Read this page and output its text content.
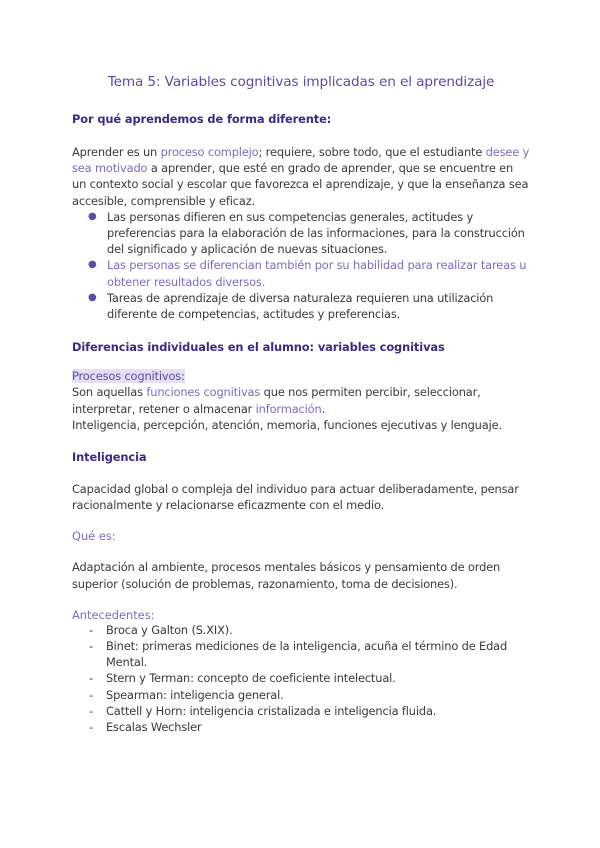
Tema 5: Variables cognitivas implicadas en el aprendizaje
Por qué aprendemos de forma diferente:

Aprender es un proceso complejo; requiere, sobre todo, que el estudiante desee y sea motivado a aprender, que esté en grado de aprender, que se encuentre en un contexto social y escolar que favorezca el aprendizaje, y que la enseñanza sea accesible, comprensible y eficaz.

● Las personas difieren en sus competencias generales, actitudes y preferencias para la elaboración de las informaciones, para la construcción del significado y aplicación de nuevas situaciones.
● Las personas se diferencian también por su habilidad para realizar tareas u obtener resultados diversos.
● Tareas de aprendizaje de diversa naturaleza requieren una utilización diferente de competencias, actitudes y preferencias.
Diferencias individuales en el alumno: variables cognitivas

Procesos cognitivos:

Son aquellas funciones cognitivas que nos permiten percibir, seleccionar, interpretar, retener o almacenar información.

Inteligencia, percepción, atención, memoria, funciones ejecutivas y lenguaje.

Inteligencia

Capacidad global o compleja del individuo para actuar deliberadamente, pensar racionalmente y relacionarse eficazmente con el medio.

Qué es:

Adaptación al ambiente, procesos mentales básicos y pensamiento de orden superior (solución de problemas, razonamiento, toma de decisiones).

Antecedentes:

- Broca y Galton (S.XIX).
- Binet: primeras mediciones de la inteligencia, acuña el término de Edad Mental.
- Stern y Terman: concepto de coeficiente intelectual.
- Spearman: inteligencia general.
- Cattell y Horn: inteligencia cristalizada e inteligencia fluida.
- Escalas Wechsler
